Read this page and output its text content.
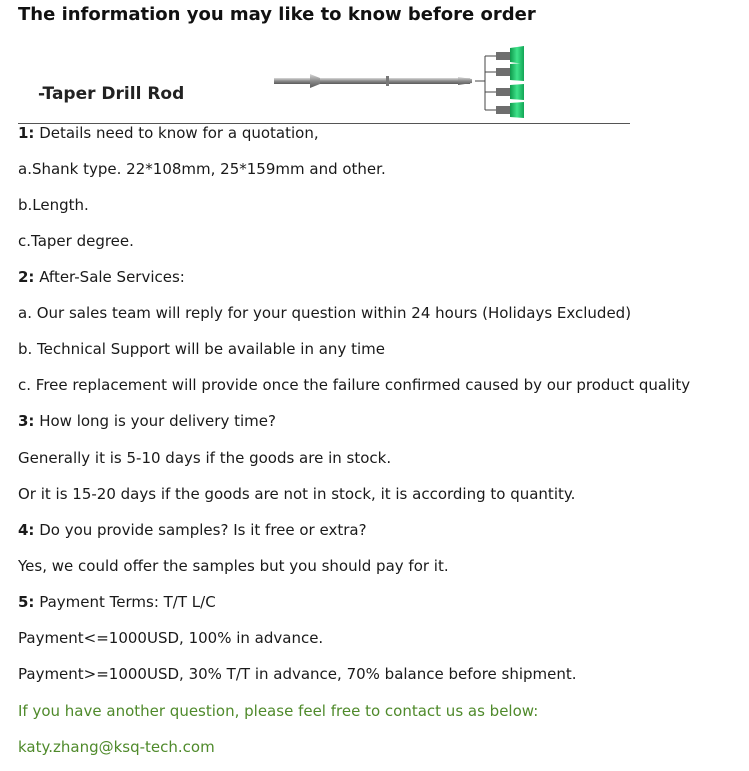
The information you may like to know before order
-Taper Drill Rod

1: Details need to know for a quotation,

a.Shank type. 22*108mm, 25*159mm and other.

b.Length.

c.Taper degree.

2: After-Sale Services:

a. Our sales team will reply for your question within 24 hours (Holidays Excluded)

b. Technical Support will be available in any time

c. Free replacement will provide once the failure confirmed caused by our product quality

3: How long is your delivery time?

Generally it is 5-10 days if the goods are in stock.

Or it is 15-20 days if the goods are not in stock, it is according to quantity.

4: Do you provide samples? Is it free or extra?

Yes, we could offer the samples but you should pay for it.

5: Payment Terms: T/T L/C

Payment<=1000USD, 100% in advance.

Payment>=1000USD, 30% T/T in advance, 70% balance before shipment.

If you have another question, please feel free to contact us as below:

katy.zhang@ksq-tech.com
